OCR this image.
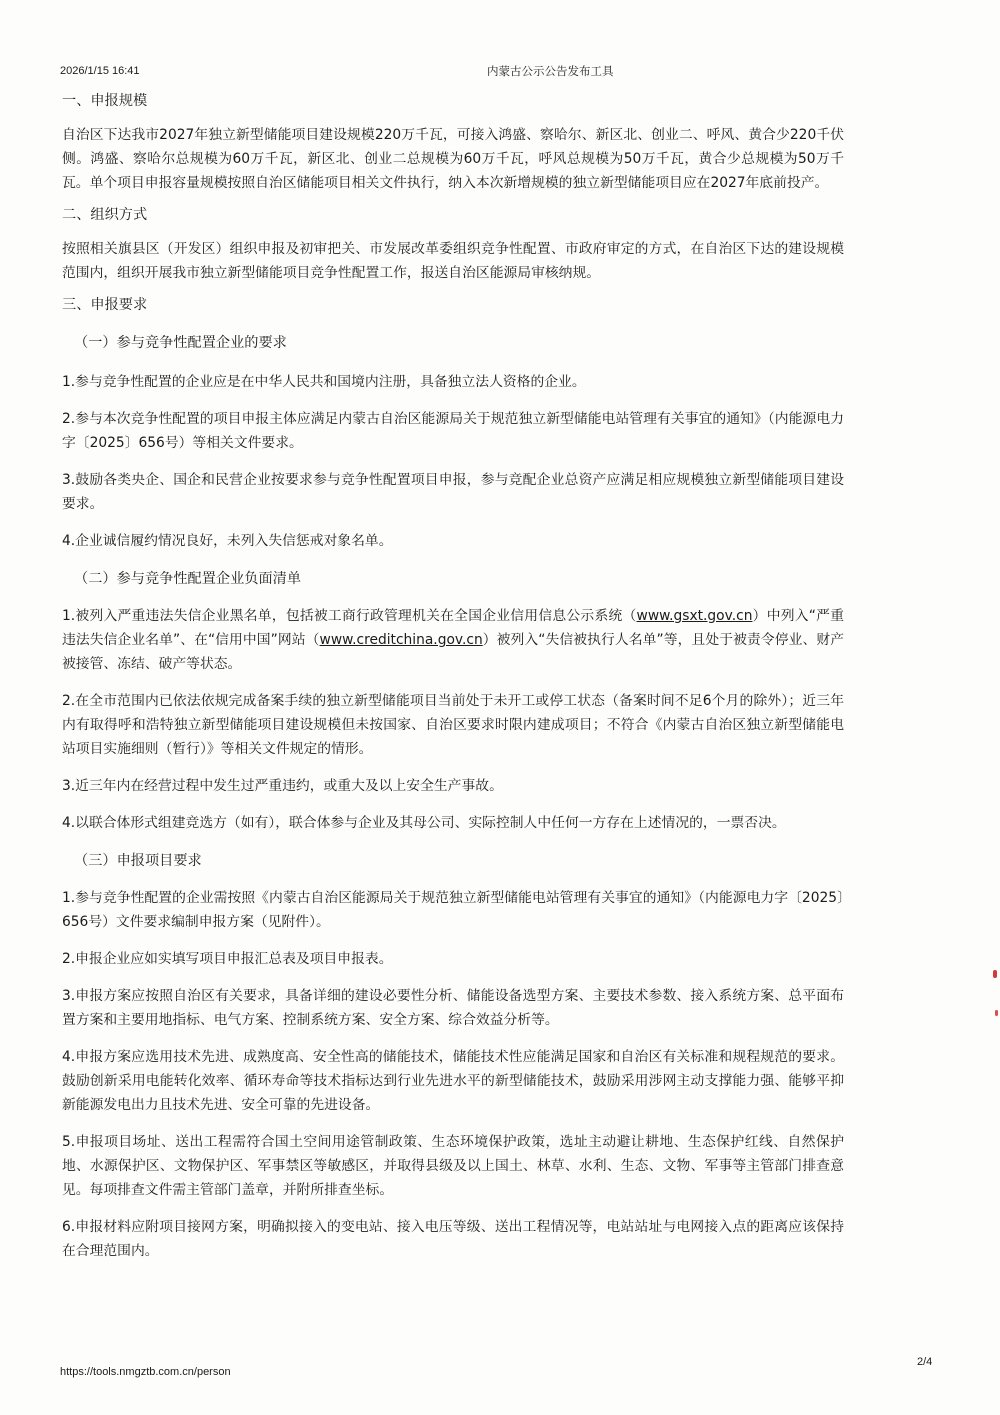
2026/1/15 16:41	内蒙古公示公告发布工具

一、申报规模

自治区下达我市2027年独立新型储能项目建设规模220万千瓦，可接入鸿盛、察哈尔、新区北、创业二、呼风、黄合少220千伏侧。鸿盛、察哈尔总规模为60万千瓦，新区北、创业二总规模为60万千瓦，呼风总规模为50万千瓦，黄合少总规模为50万千瓦。单个项目申报容量规模按照自治区储能项目相关文件执行，纳入本次新增规模的独立新型储能项目应在2027年底前投产。

二、组织方式

按照相关旗县区（开发区）组织申报及初审把关、市发展改革委组织竞争性配置、市政府审定的方式，在自治区下达的建设规模范围内，组织开展我市独立新型储能项目竞争性配置工作，报送自治区能源局审核纳规。

三、申报要求

（一）参与竞争性配置企业的要求

1.参与竞争性配置的企业应是在中华人民共和国境内注册，具备独立法人资格的企业。

2.参与本次竞争性配置的项目申报主体应满足内蒙古自治区能源局关于规范独立新型储能电站管理有关事宜的通知》（内能源电力字〔2025〕656号）等相关文件要求。

3.鼓励各类央企、国企和民营企业按要求参与竞争性配置项目申报，参与竞配企业总资产应满足相应规模独立新型储能项目建设要求。

4.企业诚信履约情况良好，未列入失信惩戒对象名单。

（二）参与竞争性配置企业负面清单

1.被列入严重违法失信企业黑名单，包括被工商行政管理机关在全国企业信用信息公示系统（www.gsxt.gov.cn）中列入“严重违法失信企业名单”、在“信用中国”网站（www.creditchina.gov.cn）被列入“失信被执行人名单”等，且处于被责令停业、财产被接管、冻结、破产等状态。

2.在全市范围内已依法依规完成备案手续的独立新型储能项目当前处于未开工或停工状态（备案时间不足6个月的除外）；近三年内有取得呼和浩特独立新型储能项目建设规模但未按国家、自治区要求时限内建成项目；不符合《内蒙古自治区独立新型储能电站项目实施细则（暂行）》等相关文件规定的情形。

3.近三年内在经营过程中发生过严重违约，或重大及以上安全生产事故。

4.以联合体形式组建竞选方（如有），联合体参与企业及其母公司、实际控制人中任何一方存在上述情况的，一票否决。

（三）申报项目要求

1.参与竞争性配置的企业需按照《内蒙古自治区能源局关于规范独立新型储能电站管理有关事宜的通知》（内能源电力字〔2025〕656号）文件要求编制申报方案（见附件）。

2.申报企业应如实填写项目申报汇总表及项目申报表。

3.申报方案应按照自治区有关要求，具备详细的建设必要性分析、储能设备选型方案、主要技术参数、接入系统方案、总平面布置方案和主要用地指标、电气方案、控制系统方案、安全方案、综合效益分析等。

4.申报方案应选用技术先进、成熟度高、安全性高的储能技术，储能技术性应能满足国家和自治区有关标准和规程规范的要求。鼓励创新采用电能转化效率、循环寿命等技术指标达到行业先进水平的新型储能技术，鼓励采用涉网主动支撑能力强、能够平抑新能源发电出力且技术先进、安全可靠的先进设备。

5.申报项目场址、送出工程需符合国土空间用途管制政策、生态环境保护政策，选址主动避让耕地、生态保护红线、自然保护地、水源保护区、文物保护区、军事禁区等敏感区，并取得县级及以上国土、林草、水利、生态、文物、军事等主管部门排查意见。每项排查文件需主管部门盖章，并附所排查坐标。

6.申报材料应附项目接网方案，明确拟接入的变电站、接入电压等级、送出工程情况等，电站站址与电网接入点的距离应该保持在合理范围内。

https://tools.nmgztb.com.cn/person
2/4
